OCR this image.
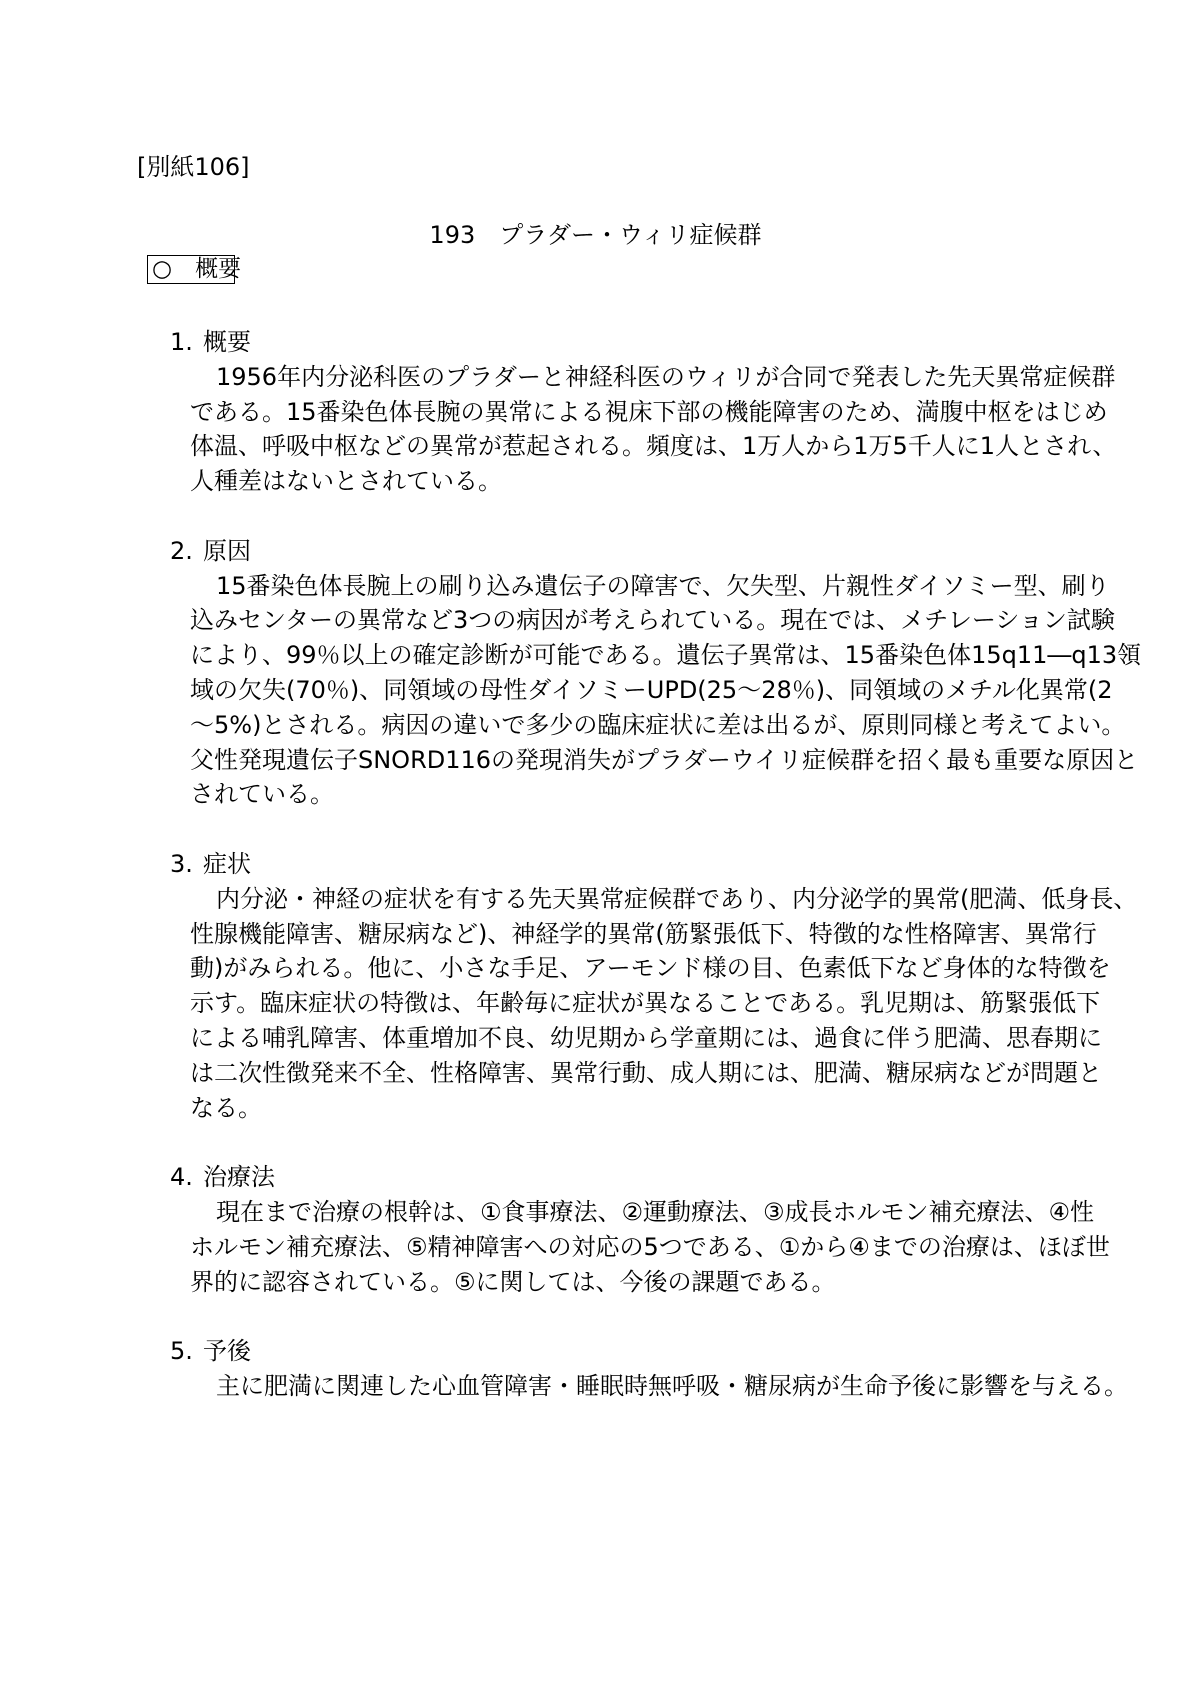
[別紙106]
193　プラダー・ウィリ症候群
○　概要
1. 概要
1956年内分泌科医のプラダーと神経科医のウィリが合同で発表した先天異常症候群
である。15番染色体長腕の異常による視床下部の機能障害のため、満腹中枢をはじめ
体温、呼吸中枢などの異常が惹起される。頻度は、1万人から1万5千人に1人とされ、
人種差はないとされている。
2. 原因
15番染色体長腕上の刷り込み遺伝子の障害で、欠失型、片親性ダイソミー型、刷り
込みセンターの異常など3つの病因が考えられている。現在では、メチレーション試験
により、99％以上の確定診断が可能である。遺伝子異常は、15番染色体15q11―q13領
域の欠失(70％)、同領域の母性ダイソミーUPD(25～28％)、同領域のメチル化異常(2
～5%)とされる。病因の違いで多少の臨床症状に差は出るが、原則同様と考えてよい。
父性発現遺伝子SNORD116の発現消失がプラダーウイリ症候群を招く最も重要な原因と
されている。
3. 症状
内分泌・神経の症状を有する先天異常症候群であり、内分泌学的異常(肥満、低身長、
性腺機能障害、糖尿病など)、神経学的異常(筋緊張低下、特徴的な性格障害、異常行
動)がみられる。他に、小さな手足、アーモンド様の目、色素低下など身体的な特徴を
示す。臨床症状の特徴は、年齢毎に症状が異なることである。乳児期は、筋緊張低下
による哺乳障害、体重増加不良、幼児期から学童期には、過食に伴う肥満、思春期に
は二次性徴発来不全、性格障害、異常行動、成人期には、肥満、糖尿病などが問題と
なる。
4. 治療法
現在まで治療の根幹は、①食事療法、②運動療法、③成長ホルモン補充療法、④性
ホルモン補充療法、⑤精神障害への対応の5つである、①から④までの治療は、ほぼ世
界的に認容されている。⑤に関しては、今後の課題である。
5. 予後
主に肥満に関連した心血管障害・睡眠時無呼吸・糖尿病が生命予後に影響を与える。
